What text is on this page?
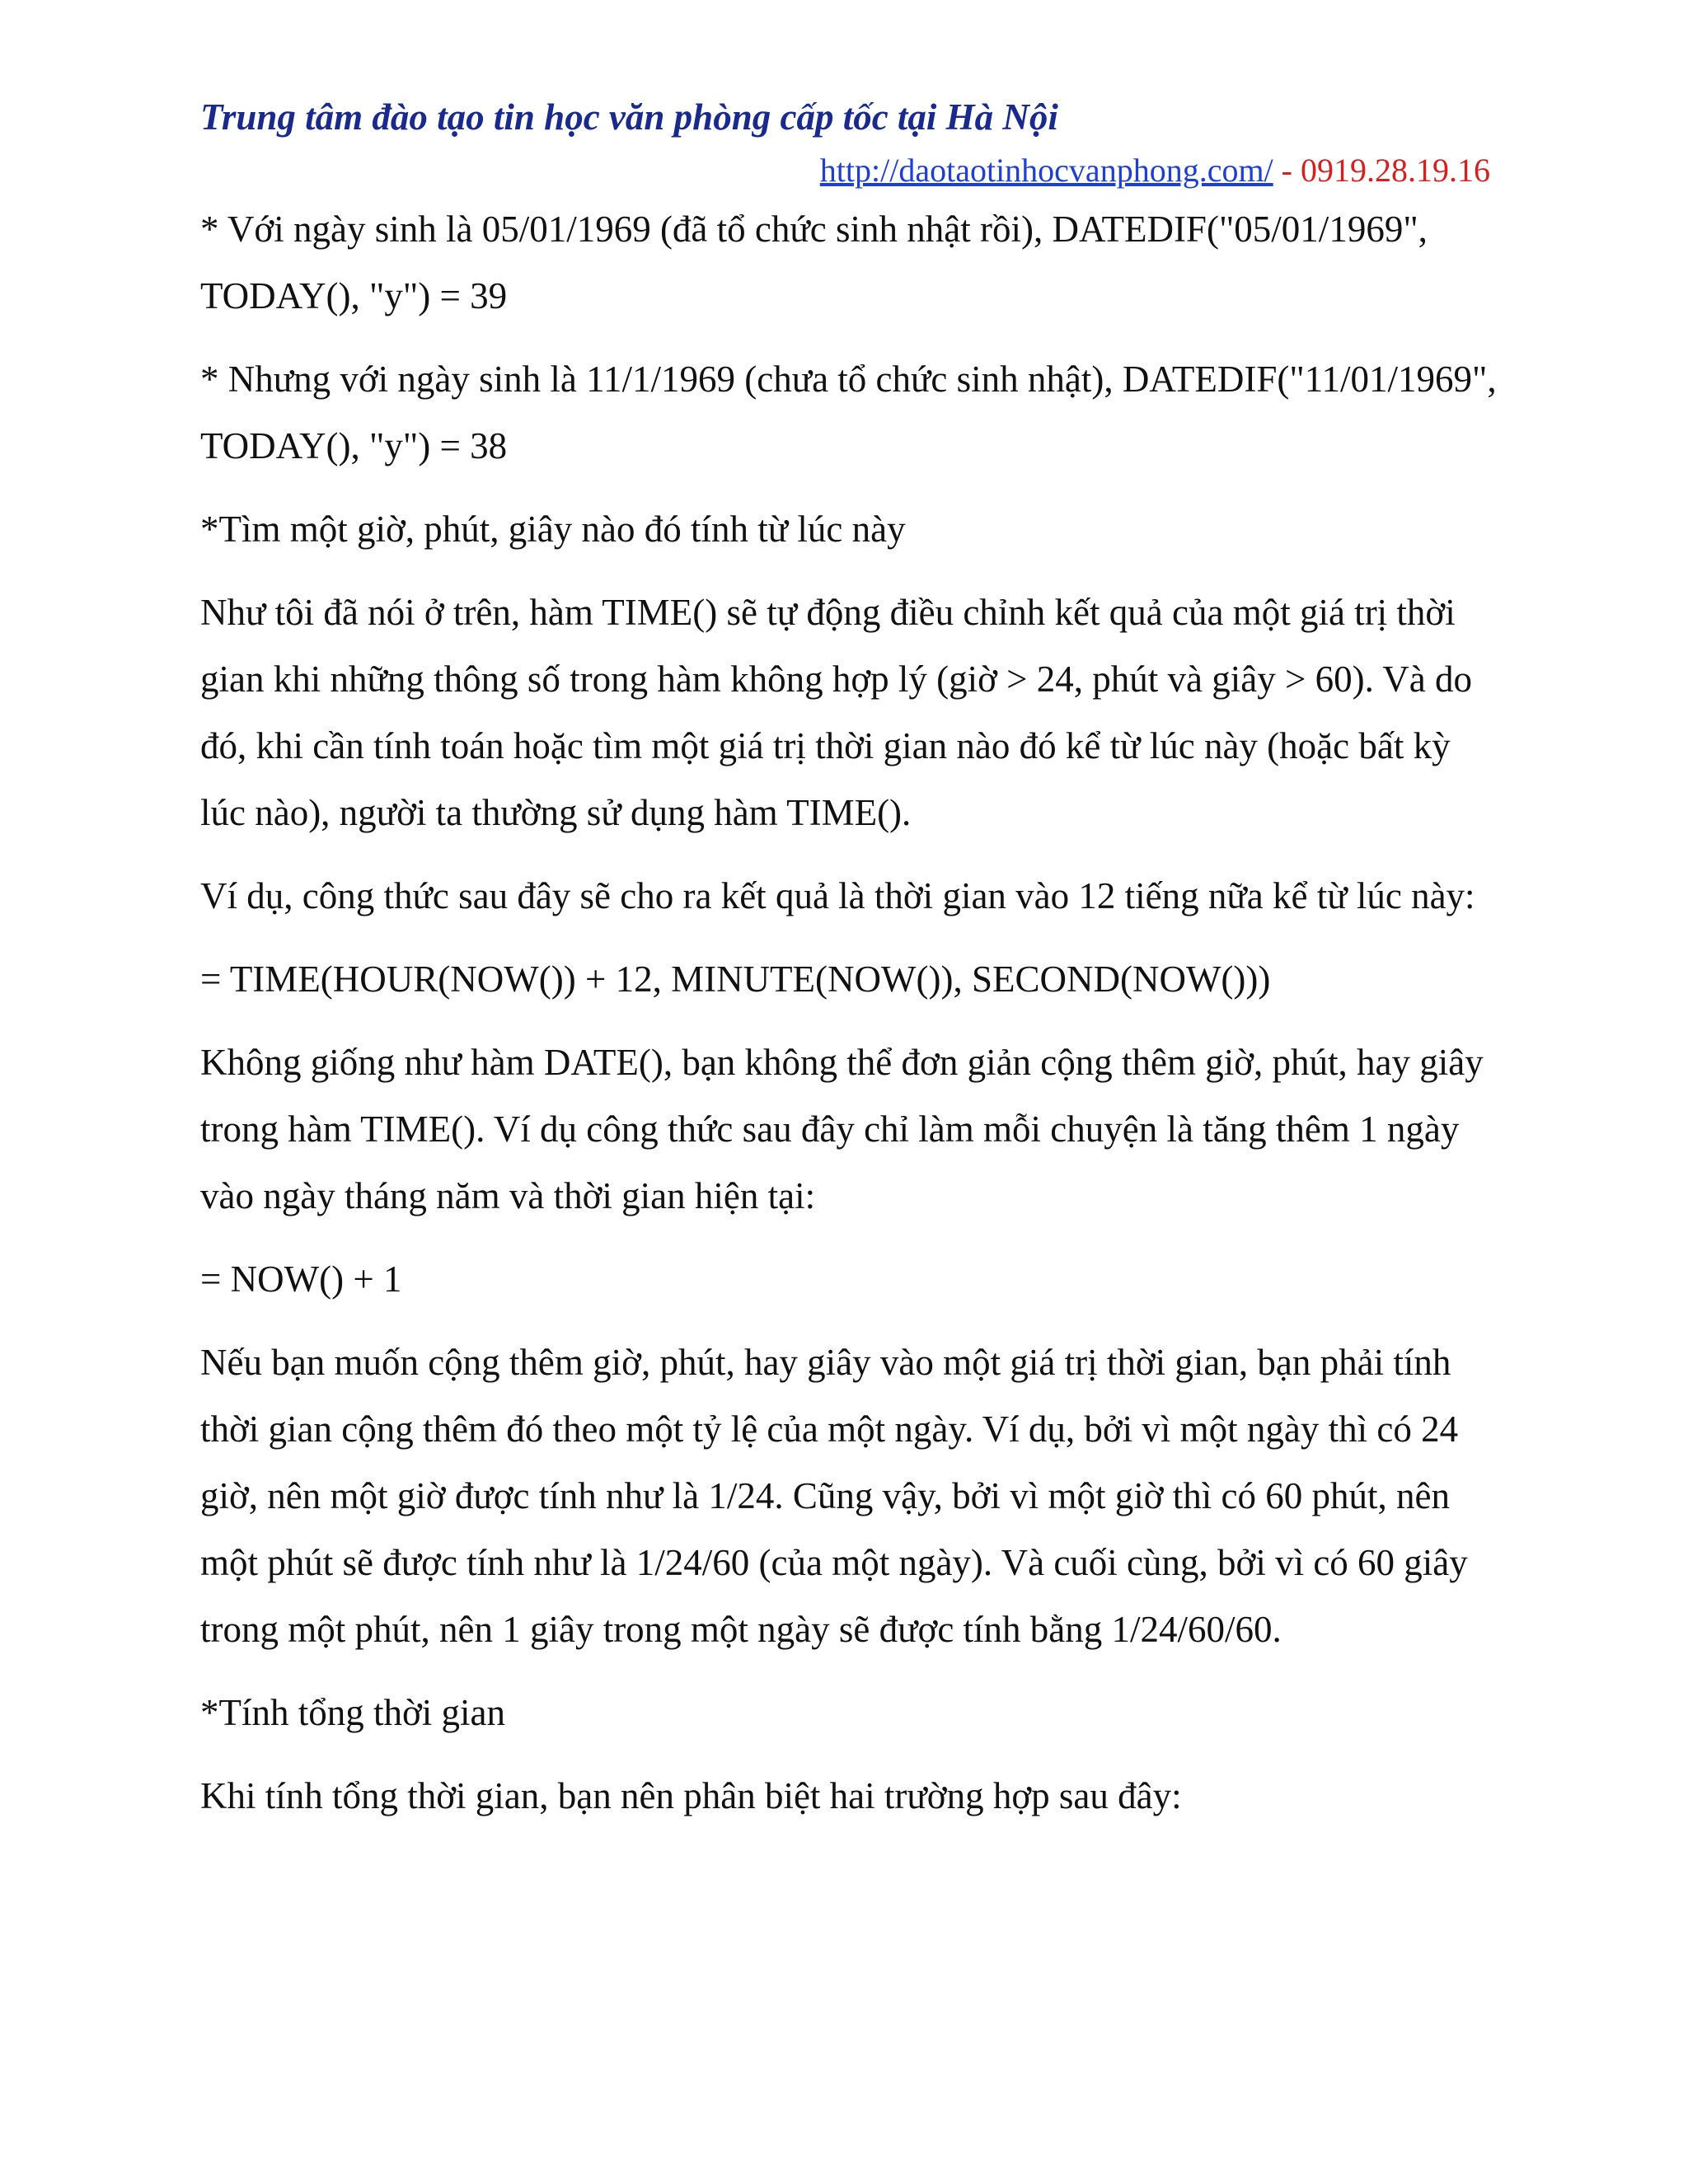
Trung tâm đào tạo tin học văn phòng cấp tốc tại Hà Nội
http://daotaotinhocvanphong.com/ - 0919.28.19.16

* Với ngày sinh là 05/01/1969 (đã tổ chức sinh nhật rồi), DATEDIF("05/01/1969", TODAY(), "y") = 39

* Nhưng với ngày sinh là 11/1/1969 (chưa tổ chức sinh nhật), DATEDIF("11/01/1969", TODAY(), "y") = 38

*Tìm một giờ, phút, giây nào đó tính từ lúc này

Như tôi đã nói ở trên, hàm TIME() sẽ tự động điều chỉnh kết quả của một giá trị thời gian khi những thông số trong hàm không hợp lý (giờ > 24, phút và giây > 60). Và do đó, khi cần tính toán hoặc tìm một giá trị thời gian nào đó kể từ lúc này (hoặc bất kỳ lúc nào), người ta thường sử dụng hàm TIME().

Ví dụ, công thức sau đây sẽ cho ra kết quả là thời gian vào 12 tiếng nữa kể từ lúc này:

= TIME(HOUR(NOW()) + 12, MINUTE(NOW()), SECOND(NOW()))

Không giống như hàm DATE(), bạn không thể đơn giản cộng thêm giờ, phút, hay giây trong hàm TIME(). Ví dụ công thức sau đây chỉ làm mỗi chuyện là tăng thêm 1 ngày vào ngày tháng năm và thời gian hiện tại:

= NOW() + 1

Nếu bạn muốn cộng thêm giờ, phút, hay giây vào một giá trị thời gian, bạn phải tính thời gian cộng thêm đó theo một tỷ lệ của một ngày. Ví dụ, bởi vì một ngày thì có 24 giờ, nên một giờ được tính như là 1/24. Cũng vậy, bởi vì một giờ thì có 60 phút, nên một phút sẽ được tính như là 1/24/60 (của một ngày). Và cuối cùng, bởi vì có 60 giây trong một phút, nên 1 giây trong một ngày sẽ được tính bằng 1/24/60/60.

*Tính tổng thời gian

Khi tính tổng thời gian, bạn nên phân biệt hai trường hợp sau đây:
